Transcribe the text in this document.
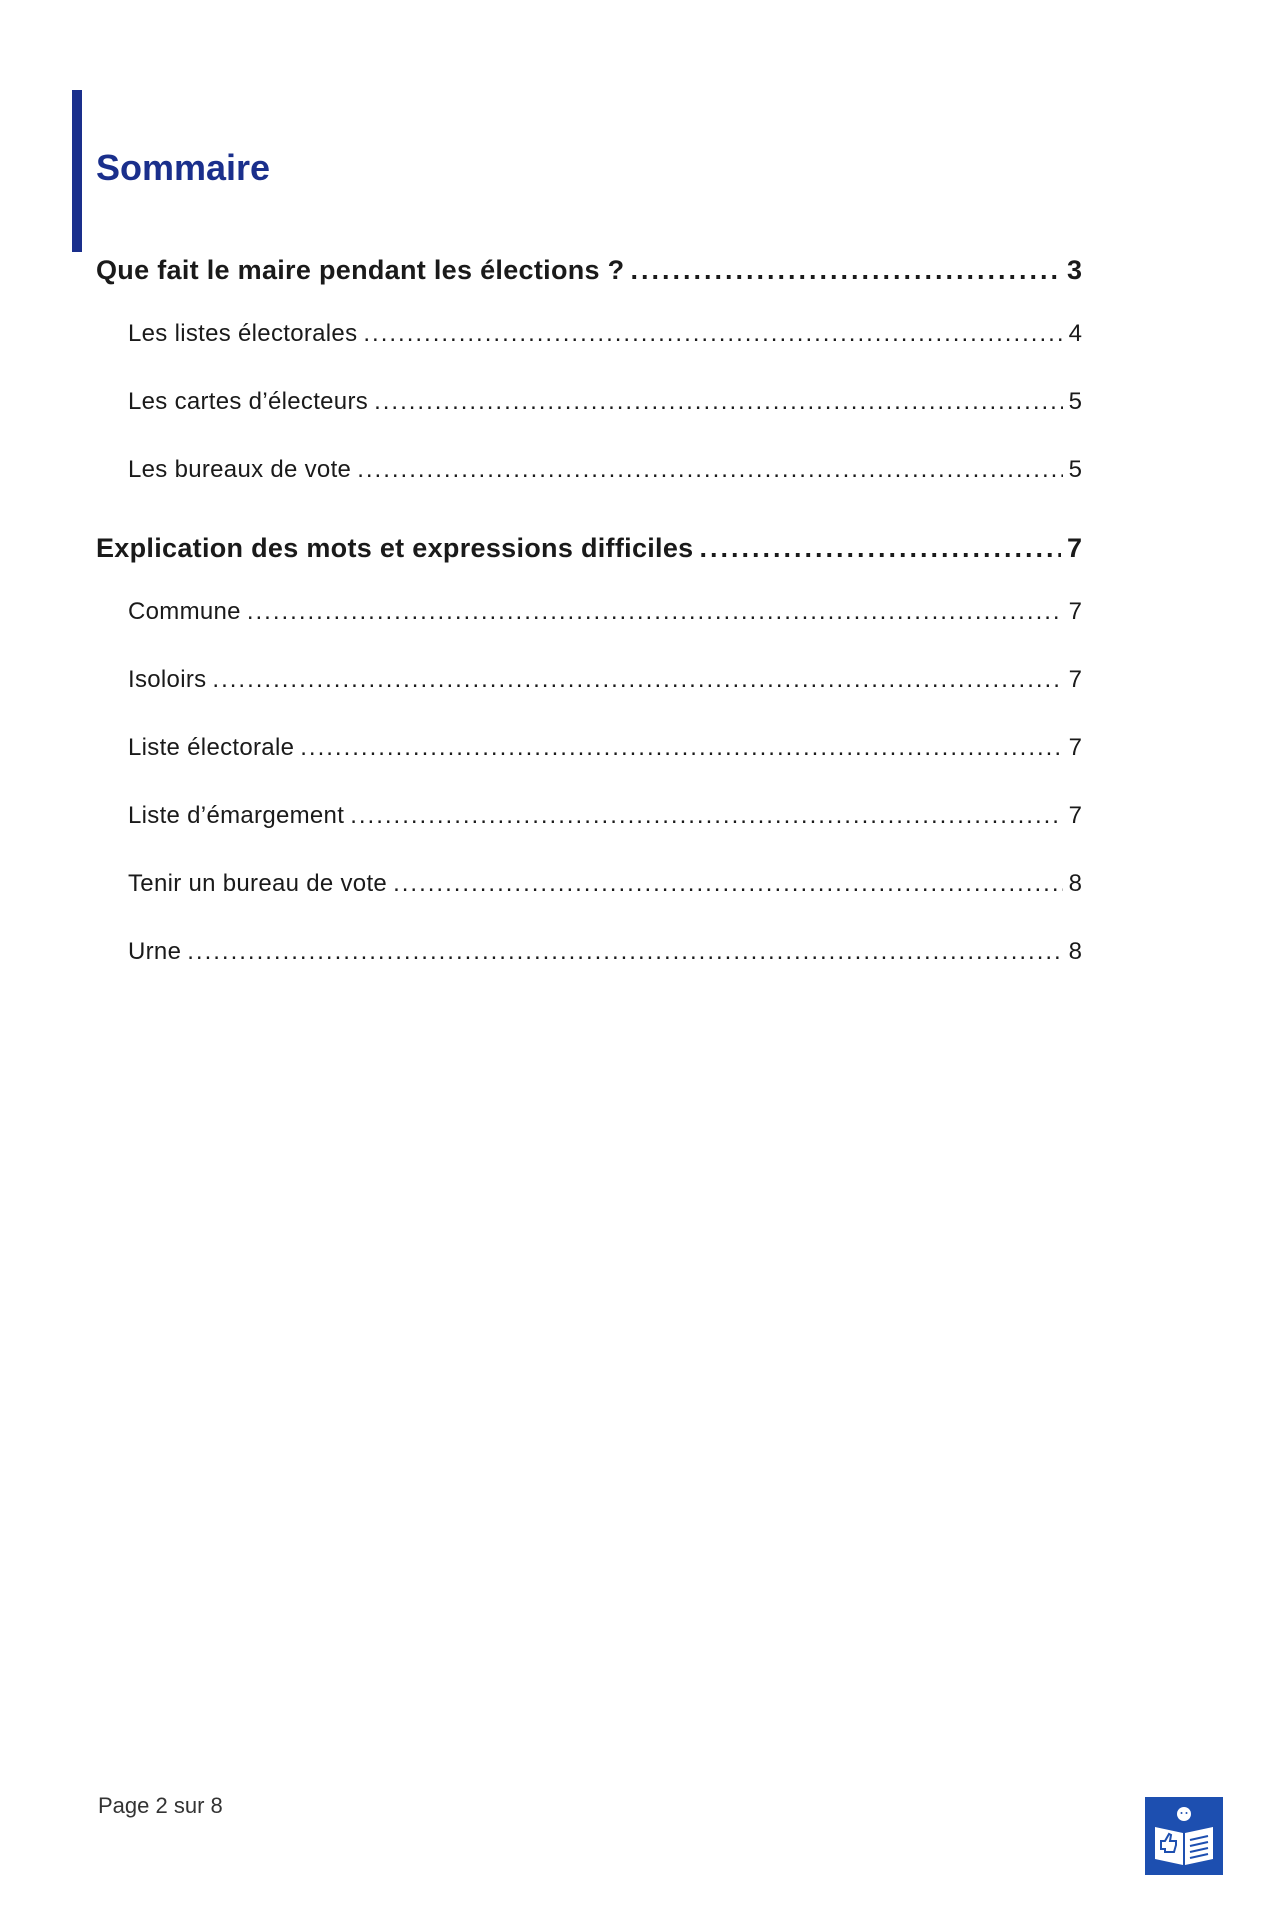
Sommaire
Que fait le maire pendant les élections ? .....	3
Les listes électorales .....	4
Les cartes d’électeurs .....	5
Les bureaux de vote .....	5
Explication des mots et expressions difficiles .....	7
Commune .....	7
Isoloirs .....	7
Liste électorale .....	7
Liste d’émargement .....	7
Tenir un bureau de vote .....	8
Urne .....	8
Page 2 sur 8
